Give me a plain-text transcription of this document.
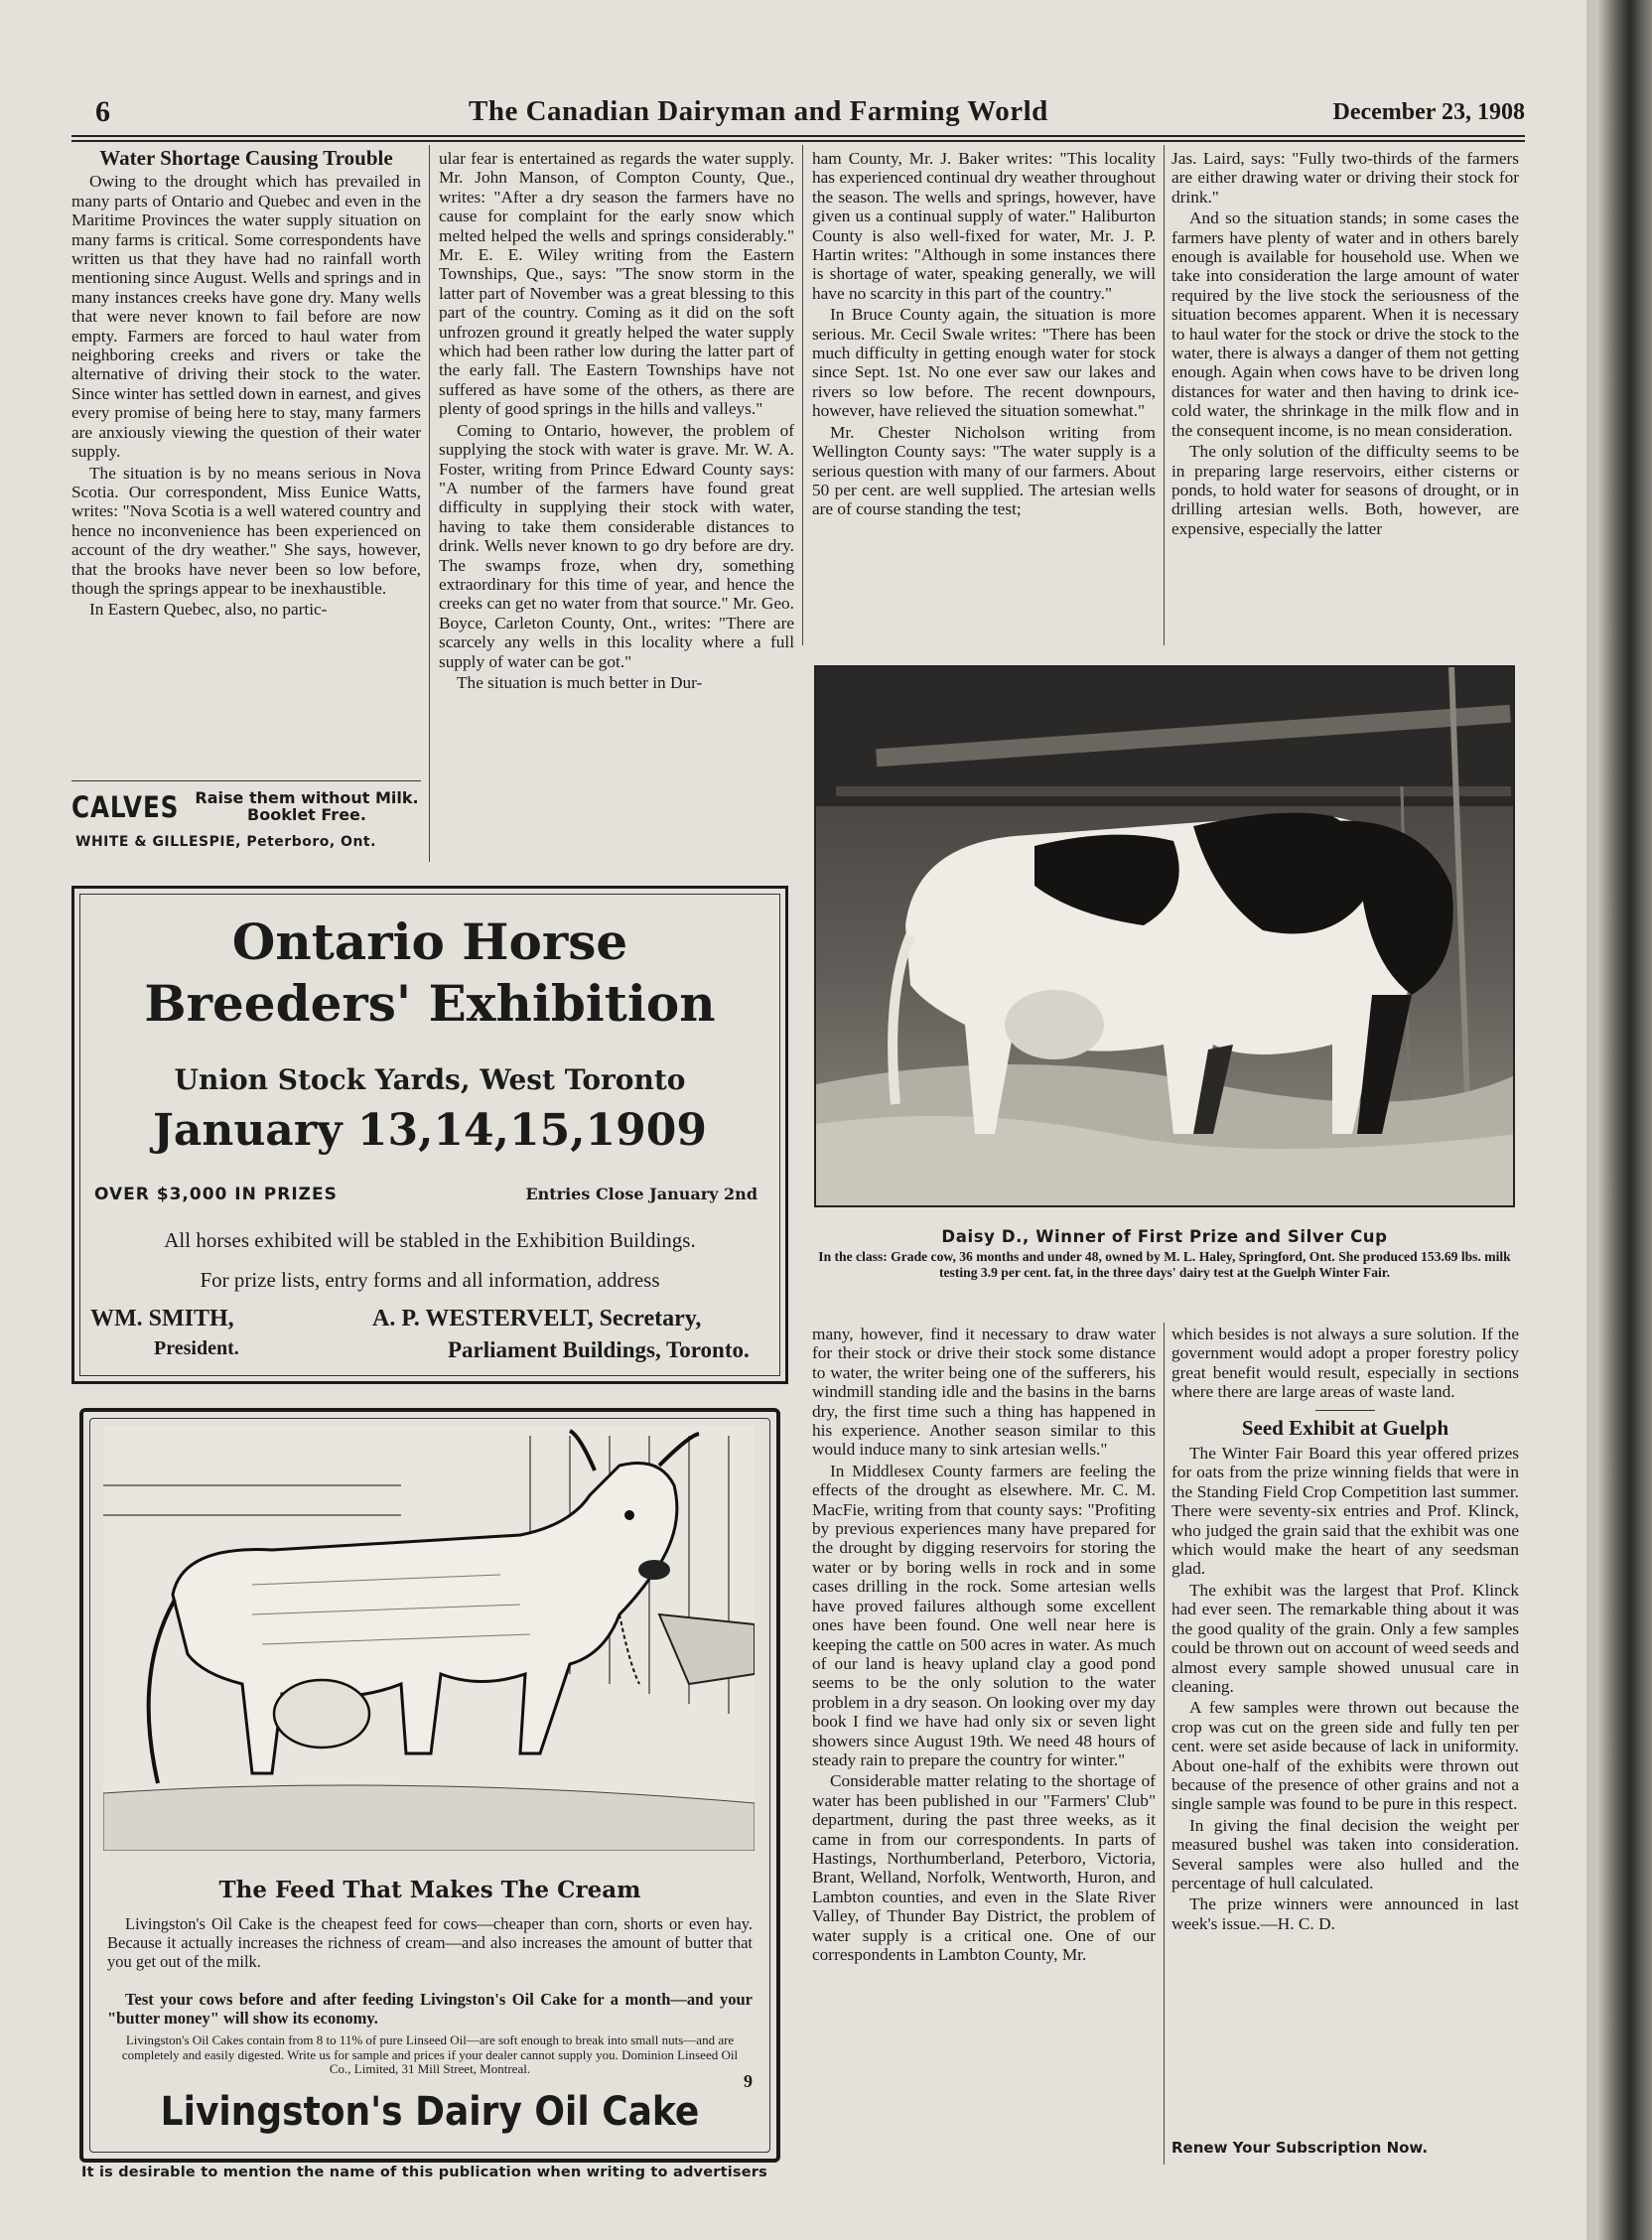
6	The Canadian Dairyman and Farming World	December 23, 1908
Water Shortage Causing Trouble

Owing to the drought which has prevailed in many parts of Ontario and Quebec and even in the Maritime Provinces the water supply situation on many farms is critical. Some correspondents have written us that they have had no rainfall worth mentioning since August. Wells and springs and in many instances creeks have gone dry. Many wells that were never known to fail before are now empty. Farmers are forced to haul water from neighboring creeks and rivers or take the alternative of driving their stock to the water. Since winter has settled down in earnest, and gives every promise of being here to stay, many farmers are anxiously viewing the question of their water supply.

The situation is by no means serious in Nova Scotia. Our correspondent, Miss Eunice Watts, writes: "Nova Scotia is a well watered country and hence no inconvenience has been experienced on account of the dry weather." She says, however, that the brooks have never been so low before, though the springs appear to be inexhaustible.

In Eastern Quebec, also, no partic-

CALVES Raise them without Milk. Booklet Free.
WHITE & GILLESPIE, Peterboro, Ont.

ular fear is entertained as regards the water supply. Mr. John Manson, of Compton County, Que., writes: "After a dry season the farmers have no cause for complaint for the early snow which melted helped the wells and springs considerably." Mr. E. E. Wiley writing from the Eastern Townships, Que., says: "The snow storm in the latter part of November was a great blessing to this part of the country. Coming as it did on the soft unfrozen ground it greatly helped the water supply which had been rather low during the latter part of the early fall. The Eastern Townships have not suffered as have some of the others, as there are plenty of good springs in the hills and valleys."

Coming to Ontario, however, the problem of supplying the stock with water is grave. Mr. W. A. Foster, writing from Prince Edward County says: "A number of the farmers have found great difficulty in supplying their stock with water, having to take them considerable distances to drink. Wells never known to go dry before are dry. The swamps froze, when dry, something extraordinary for this time of year, and hence the creeks can get no water from that source." Mr. Geo. Boyce, Carleton County, Ont., writes: "There are scarcely any wells in this locality where a full supply of water can be got."

The situation is much better in Dur-

ham County, Mr. J. Baker writes: "This locality has experienced continual dry weather throughout the season. The wells and springs, however, have given us a continual supply of water." Haliburton County is also well-fixed for water, Mr. J. P. Hartin writes: "Although in some instances there is shortage of water, speaking generally, we will have no scarcity in this part of the country."

In Bruce County again, the situation is more serious. Mr. Cecil Swale writes: "There has been much difficulty in getting enough water for stock since Sept. 1st. No one ever saw our lakes and rivers so low before. The recent downpours, however, have relieved the situation somewhat."

Mr. Chester Nicholson writing from Wellington County says: "The water supply is a serious question with many of our farmers. About 50 per cent. are well supplied. The artesian wells are of course standing the test;

Jas. Laird, says: "Fully two-thirds of the farmers are either drawing water or driving their stock for drink."

And so the situation stands; in some cases the farmers have plenty of water and in others barely enough is available for household use. When we take into consideration the large amount of water required by the live stock the seriousness of the situation becomes apparent. When it is necessary to haul water for the stock or drive the stock to the water, there is always a danger of them not getting enough. Again when cows have to be driven long distances for water and then having to drink ice-cold water, the shrinkage in the milk flow and in the consequent income, is no mean consideration.

The only solution of the difficulty seems to be in preparing large reservoirs, either cisterns or ponds, to hold water for seasons of drought, or in drilling artesian wells. Both, however, are expensive, especially the latter

Ontario Horse
Breeders' Exhibition
Union Stock Yards, West Toronto
January 13,14,15,1909
OVER $3,000 IN PRIZES	Entries Close January 2nd
All horses exhibited will be stabled in the Exhibition Buildings.
For prize lists, entry forms and all information, address
WM. SMITH,
President.
A. P. WESTERVELT, Secretary,
Parliament Buildings, Toronto.
Daisy D., Winner of First Prize and Silver Cup
In the class: Grade cow, 36 months and under 48, owned by M. L. Haley, Springford, Ont. She produced 153.69 lbs. milk testing 3.9 per cent. fat, in the three days' dairy test at the Guelph Winter Fair.

many, however, find it necessary to draw water for their stock or drive their stock some distance to water, the writer being one of the sufferers, his windmill standing idle and the basins in the barns dry, the first time such a thing has happened in his experience. Another season similar to this would induce many to sink artesian wells."

In Middlesex County farmers are feeling the effects of the drought as elsewhere. Mr. C. M. MacFie, writing from that county says: "Profiting by previous experiences many have prepared for the drought by digging reservoirs for storing the water or by boring wells in rock and in some cases drilling in the rock. Some artesian wells have proved failures although some excellent ones have been found. One well near here is keeping the cattle on 500 acres in water. As much of our land is heavy upland clay a good pond seems to be the only solution to the water problem in a dry season. On looking over my day book I find we have had only six or seven light showers since August 19th. We need 48 hours of steady rain to prepare the country for winter."

Considerable matter relating to the shortage of water has been published in our "Farmers' Club" department, during the past three weeks, as it came in from our correspondents. In parts of Hastings, Northumberland, Peterboro, Victoria, Brant, Welland, Norfolk, Wentworth, Huron, and Lambton counties, and even in the Slate River Valley, of Thunder Bay District, the problem of water supply is a critical one. One of our correspondents in Lambton County, Mr.

which besides is not always a sure solution. If the government would adopt a proper forestry policy great benefit would result, especially in sections where there are large areas of waste land.

Seed Exhibit at Guelph

The Winter Fair Board this year offered prizes for oats from the prize winning fields that were in the Standing Field Crop Competition last summer. There were seventy-six entries and Prof. Klinck, who judged the grain said that the exhibit was one which would make the heart of any seedsman glad.

The exhibit was the largest that Prof. Klinck had ever seen. The remarkable thing about it was the good quality of the grain. Only a few samples could be thrown out on account of weed seeds and almost every sample showed unusual care in cleaning.

A few samples were thrown out because the crop was cut on the green side and fully ten per cent. were set aside because of lack in uniformity. About one-half of the exhibits were thrown out because of the presence of other grains and not a single sample was found to be pure in this respect.

In giving the final decision the weight per measured bushel was taken into consideration. Several samples were also hulled and the percentage of hull calculated.

The prize winners were announced in last week's issue.—H. C. D.

Renew Your Subscription Now.
The Feed That Makes The Cream
Livingston's Oil Cake is the cheapest feed for cows—cheaper than corn, shorts or even hay. Because it actually increases the richness of cream—and also increases the amount of butter that you get out of the milk.
Test your cows before and after feeding Livingston's Oil Cake for a month—and your "butter money" will show its economy.
Livingston's Oil Cakes contain from 8 to 11% of pure Linseed Oil—are soft enough to break into small nuts—and are completely and easily digested. Write us for sample and prices if your dealer cannot supply you. Dominion Linseed Oil Co., Limited, 31 Mill Street, Montreal.
9
Livingston's Dairy Oil Cake
It is desirable to mention the name of this publication when writing to advertisers
